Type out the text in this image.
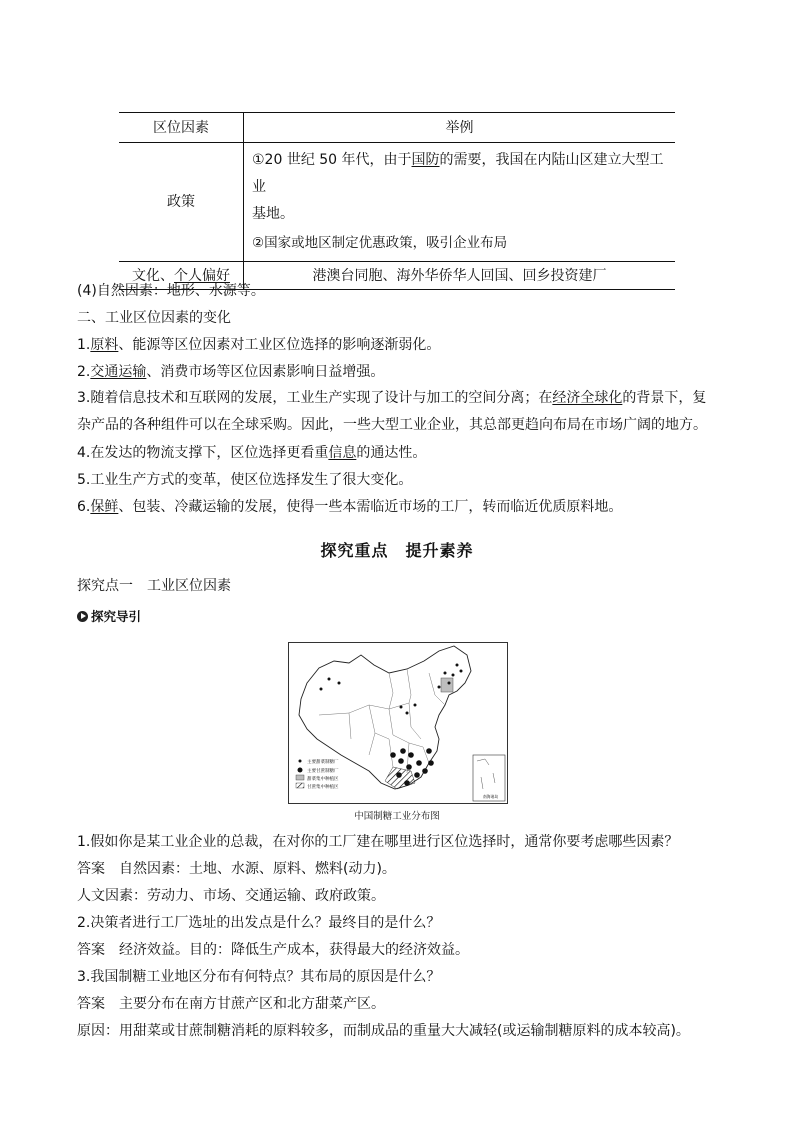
区位因素	举例
政策	①20 世纪 50 年代，由于国防的需要，我国在内陆山区建立大型工业
基地。
②国家或地区制定优惠政策，吸引企业布局

文化、个人偏好	港澳台同胞、海外华侨华人回国、回乡投资建厂
(4)自然因素：地形、水源等。
二、工业区位因素的变化
1.原料、能源等区位因素对工业区位选择的影响逐渐弱化。
2.交通运输、消费市场等区位因素影响日益增强。
3.随着信息技术和互联网的发展，工业生产实现了设计与加工的空间分离；在经济全球化的背景下，复杂产品的各种组件可以在全球采购。因此，一些大型工业企业，其总部更趋向布局在市场广阔的地方。
4.在发达的物流支撑下，区位选择更看重信息的通达性。
5.工业生产方式的变革，使区位选择发生了很大变化。
6.保鲜、包装、冷藏运输的发展，使得一些本需临近市场的工厂，转而临近优质原料地。
探究重点　提升素养
探究点一　工业区位因素
探究导引
主要甜菜制糖厂
主要甘蔗制糖厂
甜菜集中种植区
甘蔗集中种植区
南海诸岛
中国制糖工业分布图
1.假如你是某工业企业的总裁，在对你的工厂建在哪里进行区位选择时，通常你要考虑哪些因素？
答案　自然因素：土地、水源、原料、燃料(动力)。
人文因素：劳动力、市场、交通运输、政府政策。
2.决策者进行工厂选址的出发点是什么？最终目的是什么？
答案　经济效益。目的：降低生产成本，获得最大的经济效益。
3.我国制糖工业地区分布有何特点？其布局的原因是什么？
答案　主要分布在南方甘蔗产区和北方甜菜产区。
原因：用甜菜或甘蔗制糖消耗的原料较多，而制成品的重量大大减轻(或运输制糖原料的成本较高)。
